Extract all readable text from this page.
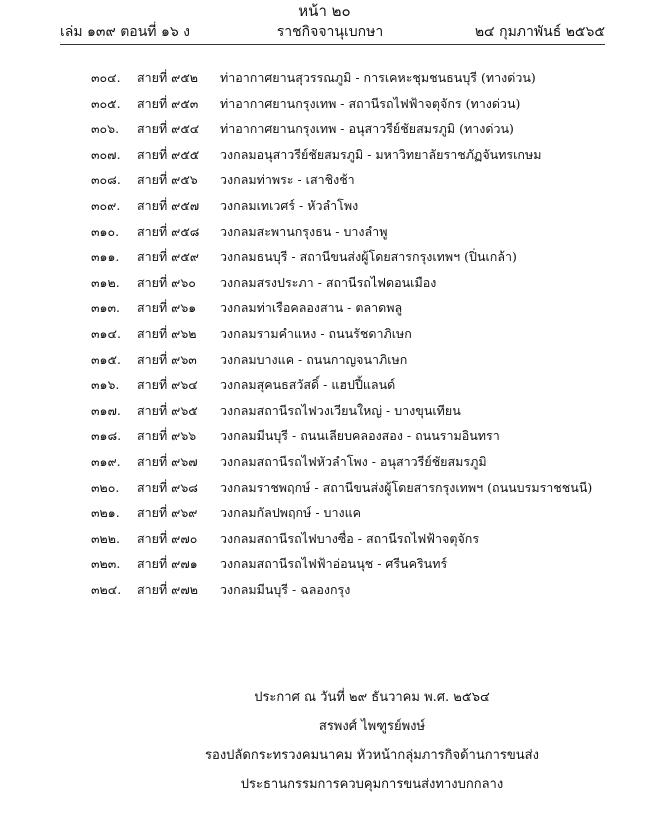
หน้า ๒๐
เล่ม ๑๓๙ ตอนที่ ๑๖ ง	ราชกิจจานุเบกษา	๒๔ กุมภาพันธ์ ๒๕๖๕
๓๐๔. สายที่ ๙๕๒ ท่าอากาศยานสุวรรณภูมิ - การเคหะชุมชนธนบุรี (ทางด่วน)
๓๐๕. สายที่ ๙๕๓ ท่าอากาศยานกรุงเทพ - สถานีรถไฟฟ้าจตุจักร (ทางด่วน)
๓๐๖. สายที่ ๙๕๔ ท่าอากาศยานกรุงเทพ - อนุสาวรีย์ชัยสมรภูมิ (ทางด่วน)
๓๐๗. สายที่ ๙๕๕ วงกลมอนุสาวรีย์ชัยสมรภูมิ - มหาวิทยาลัยราชภัฏจันทรเกษม
๓๐๘. สายที่ ๙๕๖ วงกลมท่าพระ - เสาชิงช้า
๓๐๙. สายที่ ๙๕๗ วงกลมเทเวศร์ - หัวลำโพง
๓๑๐. สายที่ ๙๕๘ วงกลมสะพานกรุงธน - บางลำพู
๓๑๑. สายที่ ๙๕๙ วงกลมธนบุรี - สถานีขนส่งผู้โดยสารกรุงเทพฯ (ปิ่นเกล้า)
๓๑๒. สายที่ ๙๖๐ วงกลมสรงประภา - สถานีรถไฟดอนเมือง
๓๑๓. สายที่ ๙๖๑ วงกลมท่าเรือคลองสาน - ตลาดพลู
๓๑๔. สายที่ ๙๖๒ วงกลมรามคำแหง - ถนนรัชดาภิเษก
๓๑๕. สายที่ ๙๖๓ วงกลมบางแค - ถนนกาญจนาภิเษก
๓๑๖. สายที่ ๙๖๔ วงกลมสุคนธสวัสดิ์ - แฮปปี้แลนด์
๓๑๗. สายที่ ๙๖๕ วงกลมสถานีรถไฟวงเวียนใหญ่ - บางขุนเทียน
๓๑๘. สายที่ ๙๖๖ วงกลมมีนบุรี - ถนนเลียบคลองสอง - ถนนรามอินทรา
๓๑๙. สายที่ ๙๖๗ วงกลมสถานีรถไฟหัวลำโพง - อนุสาวรีย์ชัยสมรภูมิ
๓๒๐. สายที่ ๙๖๘ วงกลมราชพฤกษ์ - สถานีขนส่งผู้โดยสารกรุงเทพฯ (ถนนบรมราชชนนี)
๓๒๑. สายที่ ๙๖๙ วงกลมกัลปพฤกษ์ - บางแค
๓๒๒. สายที่ ๙๗๐ วงกลมสถานีรถไฟบางซื่อ - สถานีรถไฟฟ้าจตุจักร
๓๒๓. สายที่ ๙๗๑ วงกลมสถานีรถไฟฟ้าอ่อนนุช - ศรีนครินทร์
๓๒๔. สายที่ ๙๗๒ วงกลมมีนบุรี - ฉลองกรุง
ประกาศ ณ วันที่ ๒๙ ธันวาคม พ.ศ. ๒๕๖๔
สรพงศ์ ไพฑูรย์พงษ์
รองปลัดกระทรวงคมนาคม หัวหน้ากลุ่มภารกิจด้านการขนส่ง
ประธานกรรมการควบคุมการขนส่งทางบกกลาง
